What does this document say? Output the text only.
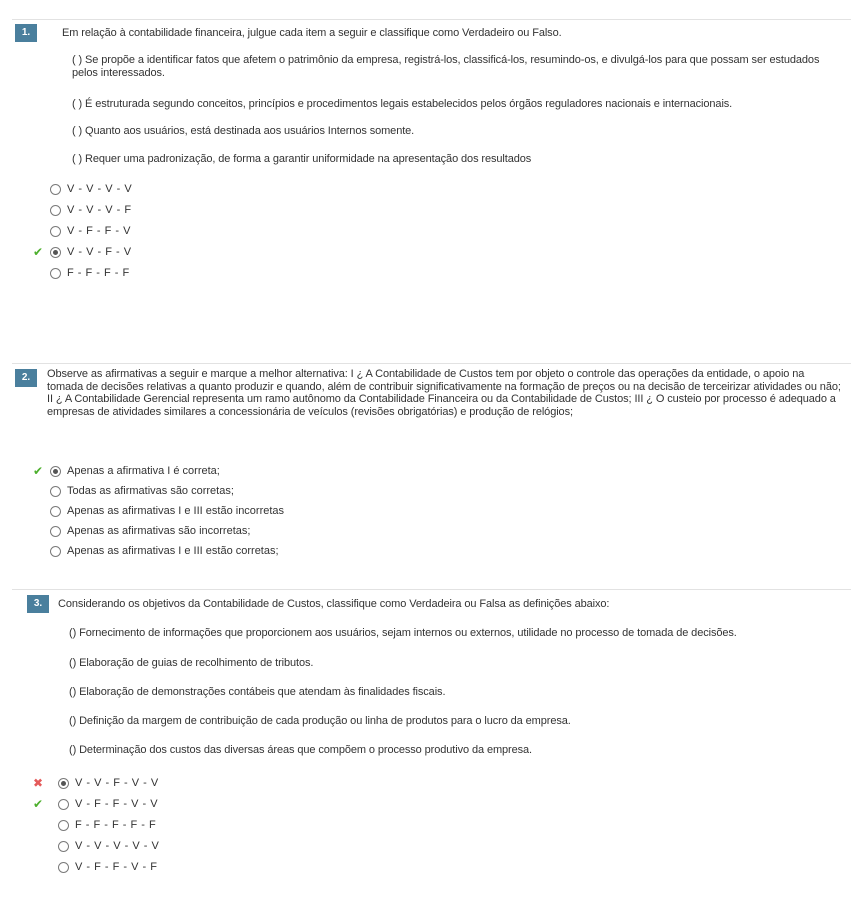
1.	Em relação à contabilidade financeira, julgue cada item a seguir e classifique como Verdadeiro ou Falso.
( ) Se propõe a identificar fatos que afetem o patrimônio da empresa, registrá-los, classificá-los, resumindo-os, e divulgá-los para que possam ser estudados pelos interessados.
( ) É estruturada segundo conceitos, princípios e procedimentos legais estabelecidos pelos órgãos reguladores nacionais e internacionais.
( ) Quanto aos usuários, está destinada aos usuários Internos somente.
( ) Requer uma padronização, de forma a garantir uniformidade na apresentação dos resultados
V - V - V - V
V - V - V - F
V - F - F - V
✔ V - V - F - V
F - F - F - F
2.	Observe as afirmativas a seguir e marque a melhor alternativa: I ¿ A Contabilidade de Custos tem por objeto o controle das operações da entidade, o apoio na tomada de decisões relativas a quanto produzir e quando, além de contribuir significativamente na formação de preços ou na decisão de terceirizar atividades ou não; II ¿ A Contabilidade Gerencial representa um ramo autônomo da Contabilidade Financeira ou da Contabilidade de Custos; III ¿ O custeio por processo é adequado a empresas de atividades similares a concessionária de veículos (revisões obrigatórias) e produção de relógios;
✔ Apenas a afirmativa I é correta;
Todas as afirmativas são corretas;
Apenas as afirmativas I e III estão incorretas
Apenas as afirmativas são incorretas;
Apenas as afirmativas I e III estão corretas;
3.	Considerando os objetivos da Contabilidade de Custos, classifique como Verdadeira ou Falsa as definições abaixo:
() Fornecimento de informações que proporcionem aos usuários, sejam internos ou externos, utilidade no processo de tomada de decisões.
() Elaboração de guias de recolhimento de tributos.
() Elaboração de demonstrações contábeis que atendam às finalidades fiscais.
() Definição da margem de contribuição de cada produção ou linha de produtos para o lucro da empresa.
() Determinação dos custos das diversas áreas que compõem o processo produtivo da empresa.
✖	V - V - F - V - V
✔	V - F - F - V - V
F - F - F - F - F
V - V - V - V - V
V - F - F - V - F
